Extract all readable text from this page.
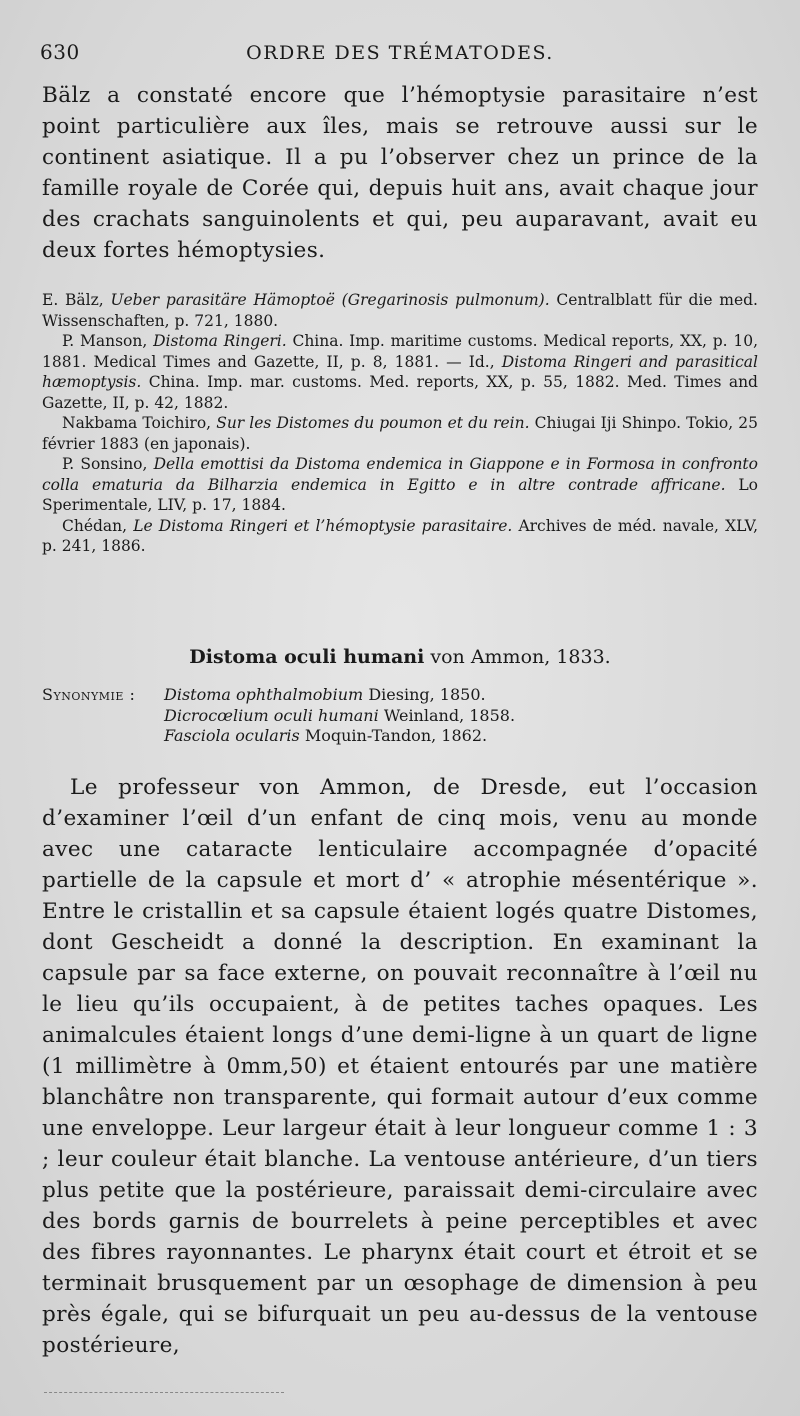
630	ORDRE DES TRÉMATODES.

Bälz a constaté encore que l’hémoptysie parasitaire n’est point particulière aux îles, mais se retrouve aussi sur le continent asiatique. Il a pu l’observer chez un prince de la famille royale de Corée qui, depuis huit ans, avait chaque jour des crachats sanguinolents et qui, peu auparavant, avait eu deux fortes hémoptysies.

E. Bälz, Ueber parasitäre Hämoptoë (Gregarinosis pulmonum). Centralblatt für die med. Wissenschaften, p. 721, 1880.

P. Manson, Distoma Ringeri. China. Imp. maritime customs. Medical reports, XX, p. 10, 1881. Medical Times and Gazette, II, p. 8, 1881. — Id., Distoma Ringeri and parasitical hæmoptysis. China. Imp. mar. customs. Med. reports, XX, p. 55, 1882. Med. Times and Gazette, II, p. 42, 1882.

Nakbama Toichiro, Sur les Distomes du poumon et du rein. Chiugai Iji Shinpo. Tokio, 25 février 1883 (en japonais).

P. Sonsino, Della emottisi da Distoma endemica in Giappone e in Formosa in confronto colla ematuria da Bilharzia endemica in Egitto e in altre contrade affricane. Lo Sperimentale, LIV, p. 17, 1884.

Chédan, Le Distoma Ringeri et l’hémoptysie parasitaire. Archives de méd. navale, XLV, p. 241, 1886.

Distoma oculi humani von Ammon, 1833.

Synonymie :	Distoma ophthalmobium Diesing, 1850.
Dicrocœlium oculi humani Weinland, 1858.
Fasciola ocularis Moquin-Tandon, 1862.

Le professeur von Ammon, de Dresde, eut l’occasion d’examiner l’œil d’un enfant de cinq mois, venu au monde avec une cataracte lenticulaire accompagnée d’opacité partielle de la capsule et mort d’ « atrophie mésentérique ». Entre le cristallin et sa capsule étaient logés quatre Distomes, dont Gescheidt a donné la description. En examinant la capsule par sa face externe, on pouvait reconnaître à l’œil nu le lieu qu’ils occupaient, à de petites taches opaques. Les animalcules étaient longs d’une demi-ligne à un quart de ligne (1 millimètre à 0mm,50) et étaient entourés par une matière blanchâtre non transparente, qui formait autour d’eux comme une enveloppe. Leur largeur était à leur longueur comme 1 : 3 ; leur couleur était blanche. La ventouse antérieure, d’un tiers plus petite que la postérieure, paraissait demi-circulaire avec des bords garnis de bourrelets à peine perceptibles et avec des fibres rayonnantes. Le pharynx était court et étroit et se terminait brusquement par un œsophage de dimension à peu près égale, qui se bifurquait un peu au-dessus de la ventouse postérieure,
